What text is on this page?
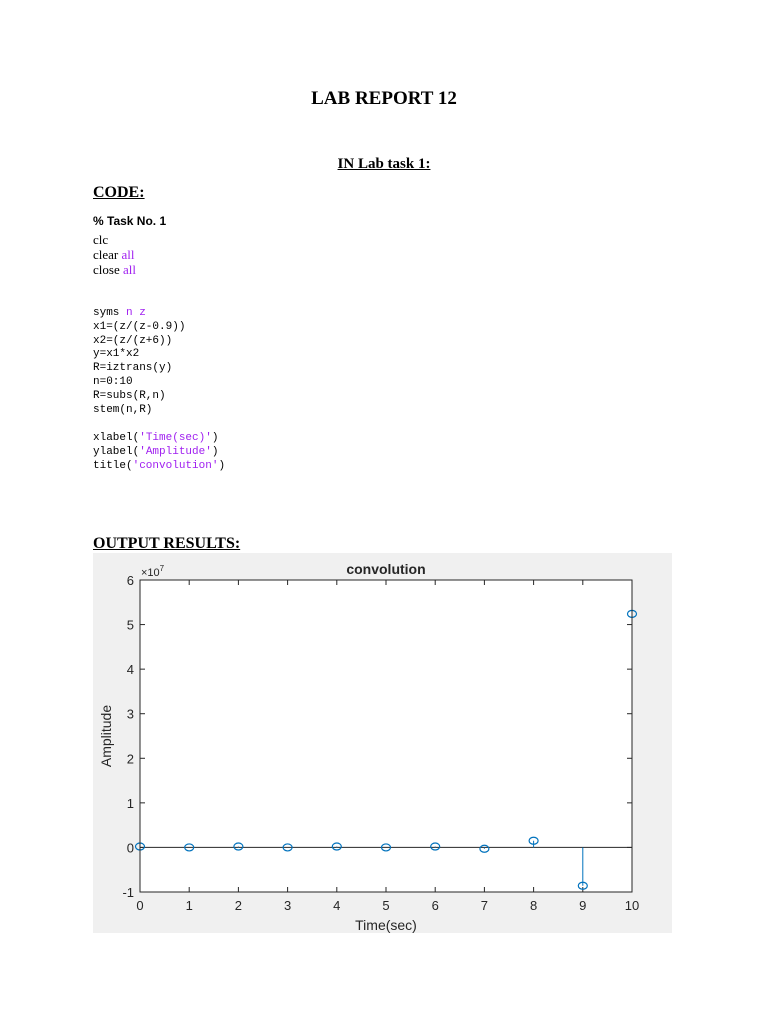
LAB REPORT 12
IN Lab task 1:
CODE:
% Task No. 1
clc
clear all
close all
syms n z
x1=(z/(z-0.9))
x2=(z/(z+6))
y=x1*x2
R=iztrans(y)
n=0:10
R=subs(R,n)
stem(n,R)
xlabel('Time(sec)')
ylabel('Amplitude')
title('convolution')
OUTPUT RESULTS:
convolution
Time(sec)
Amplitude
$\times 10^7$
0	1	2	3	4	5	6	7	8	9	10
-1
0
1
2
3
4
5
6
